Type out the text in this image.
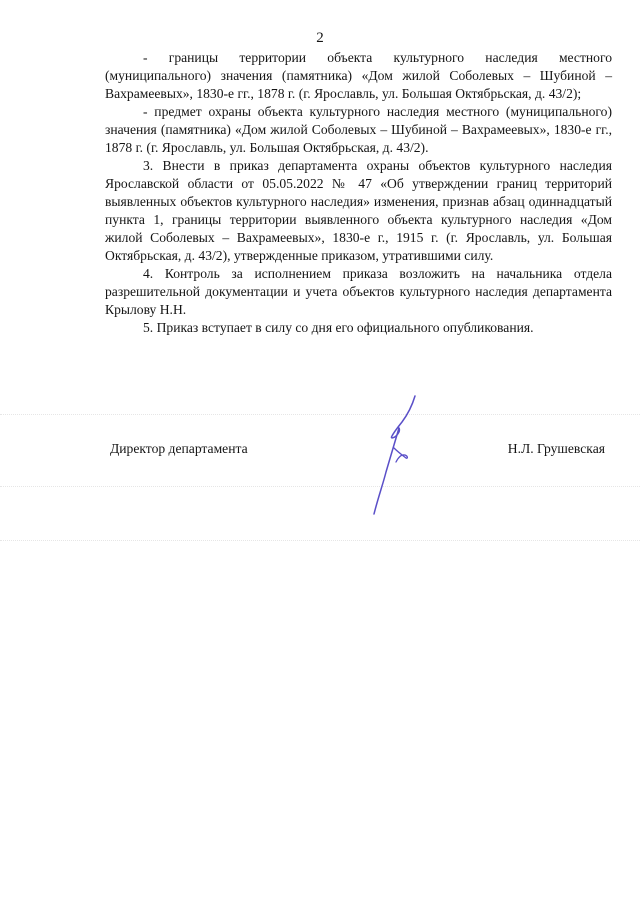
2

- границы территории объекта культурного наследия местного (муниципального) значения (памятника) «Дом жилой Соболевых – Шубиной – Вахрамеевых», 1830-е гг., 1878 г. (г. Ярославль, ул. Большая Октябрьская, д. 43/2);

- предмет охраны объекта культурного наследия местного (муниципального) значения (памятника) «Дом жилой Соболевых – Шубиной – Вахрамеевых», 1830-е гг., 1878 г. (г. Ярославль, ул. Большая Октябрьская, д. 43/2).

3. Внести в приказ департамента охраны объектов культурного наследия Ярославской области от 05.05.2022 № 47 «Об утверждении границ территорий выявленных объектов культурного наследия» изменения, признав абзац одиннадцатый пункта 1, границы территории выявленного объекта культурного наследия «Дом жилой Соболевых – Вахрамеевых», 1830-е г., 1915 г. (г. Ярославль, ул. Большая Октябрьская, д. 43/2), утвержденные приказом, утратившими силу.

4. Контроль за исполнением приказа возложить на начальника отдела разрешительной документации и учета объектов культурного наследия департамента Крылову Н.Н.

5. Приказ вступает в силу со дня его официального опубликования.

Директор департамента	Н.Л. Грушевская
